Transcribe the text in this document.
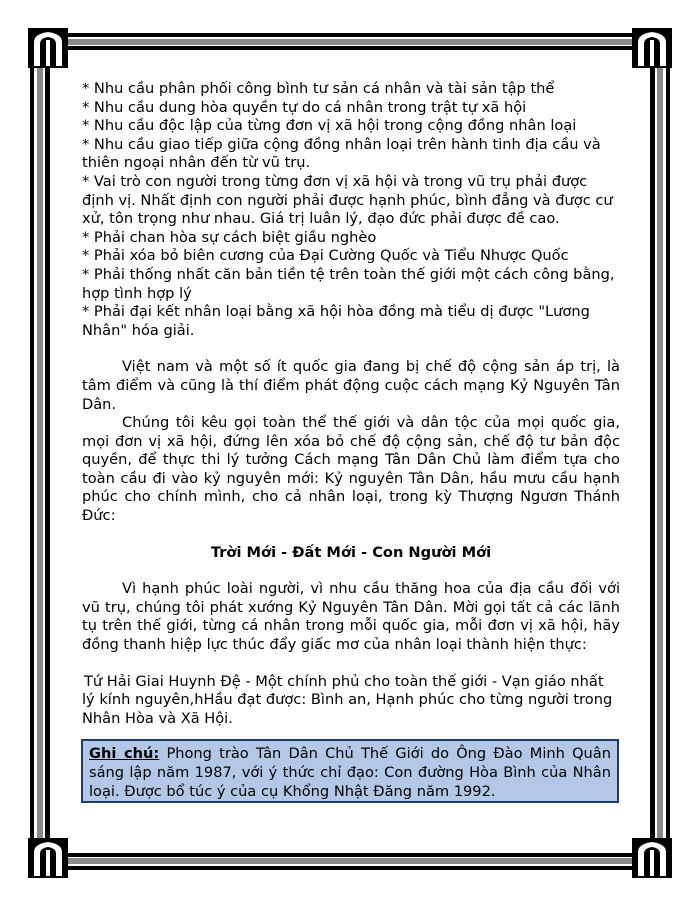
* Nhu cầu phân phối công bình tư sản cá nhân và tài sản tập thể

* Nhu cầu dung hòa quyền tự do cá nhân trong trật tự xã hội

* Nhu cầu độc lập của từng đơn vị xã hội trong cộng đồng nhân loại

* Nhu cầu giao tiếp giữa cộng đồng nhân loại trên hành tinh địa cầu và thiên ngoại nhân đến từ vũ trụ.

* Vai trò con người trong từng đơn vị xã hội và trong vũ trụ phải được định vị. Nhất định con người phải được hạnh phúc, bình đẳng và được cư xử, tôn trọng như nhau. Giá trị luân lý, đạo đức phải được đề cao.

* Phải chan hòa sự cách biệt giầu nghèo

* Phải xóa bỏ biên cương của Đại Cường Quốc và Tiểu Nhược Quốc

* Phải thống nhất căn bản tiền tệ trên toàn thế giới một cách công bằng, hợp tình hợp lý

* Phải đại kết nhân loại bằng xã hội hòa đồng mà tiểu dị được "Lương Nhân" hóa giải.

Việt nam và một số ít quốc gia đang bị chế độ cộng sản áp trị, là tâm điểm và cũng là thí điểm phát động cuộc cách mạng Kỷ Nguyên Tân Dân.

Chúng tôi kêu gọi toàn thể thế giới và dân tộc của mọi quốc gia, mọi đơn vị xã hội, đứng lên xóa bỏ chế độ cộng sản, chế độ tư bản độc quyền, để thực thi lý tưởng Cách mạng Tân Dân Chủ làm điểm tựa cho toàn cầu đi vào kỷ nguyên mới: Kỷ nguyên Tân Dân, hầu mưu cầu hạnh phúc cho chính mình, cho cả nhân loại, trong kỳ Thượng Ngươn Thánh Đức:

Trời Mới - Đất Mới - Con Người Mới

Vì hạnh phúc loài người, vì nhu cầu thăng hoa của địa cầu đối với vũ trụ, chúng tôi phát xướng Kỷ Nguyên Tân Dân. Mời gọi tất cả các lãnh tụ trên thế giới, từng cá nhân trong mỗi quốc gia, mỗi đơn vị xã hội, hãy đồng thanh hiệp lực thúc đẩy giấc mơ của nhân loại thành hiện thực:

Tứ Hải Giai Huynh Đệ - Một chính phủ cho toàn thế giới - Vạn giáo nhất lý kính nguyên,hHầu đạt được: Bình an, Hạnh phúc cho từng người trong Nhân Hòa và Xã Hội.

Ghi chú: Phong trào Tân Dân Chủ Thế Giới do Ông Đào Minh Quân sáng lập năm 1987, với ý thức chỉ đạo: Con đường Hòa Bình của Nhân loại. Được bổ túc ý của cụ Khổng Nhật Đăng năm 1992.
